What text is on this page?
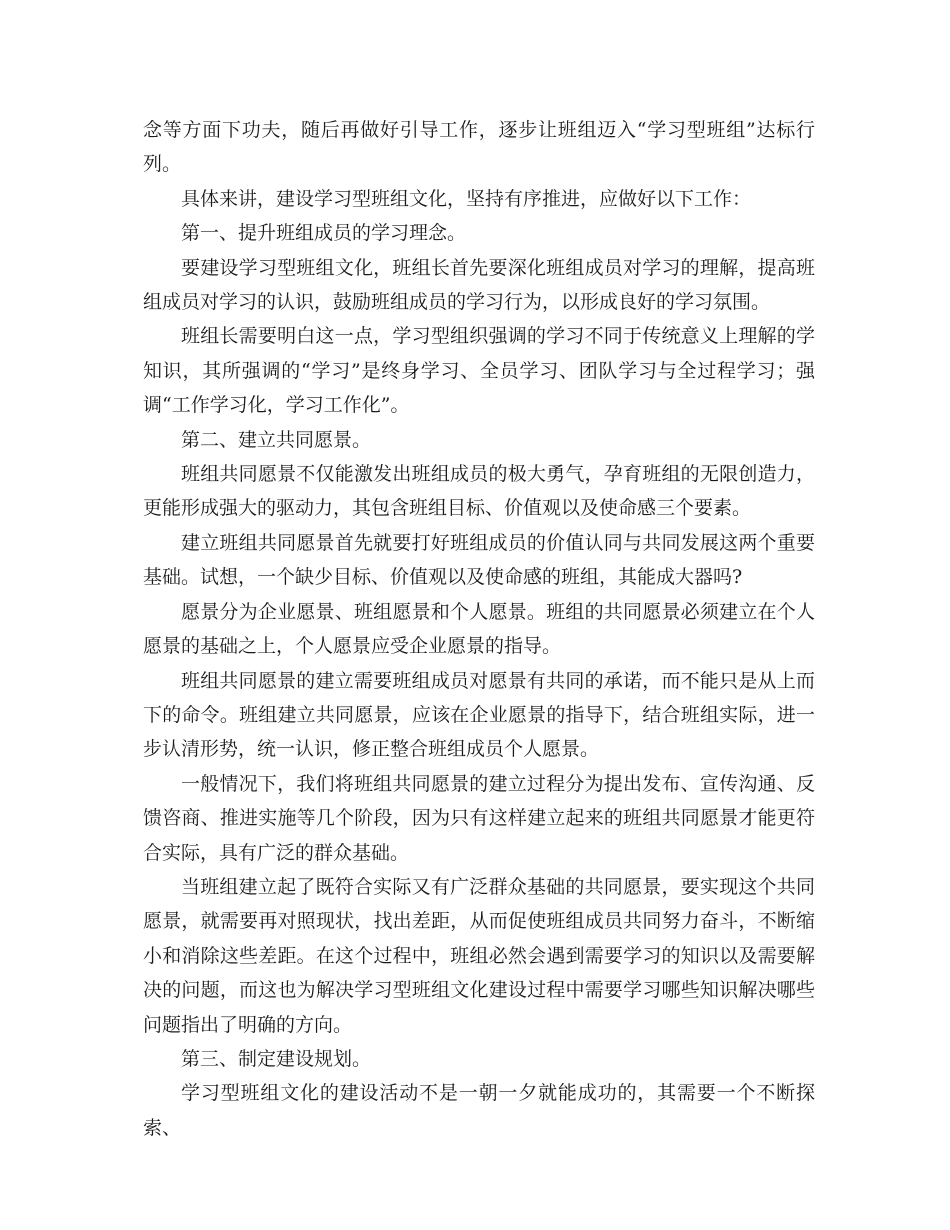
念等方面下功夫，随后再做好引导工作，逐步让班组迈入“学习型班组”达标行列。

具体来讲，建设学习型班组文化，坚持有序推进，应做好以下工作：

第一、提升班组成员的学习理念。

要建设学习型班组文化，班组长首先要深化班组成员对学习的理解，提高班组成员对学习的认识，鼓励班组成员的学习行为，以形成良好的学习氛围。

班组长需要明白这一点，学习型组织强调的学习不同于传统意义上理解的学知识，其所强调的“学习”是终身学习、全员学习、团队学习与全过程学习；强调“工作学习化，学习工作化”。

第二、建立共同愿景。

班组共同愿景不仅能激发出班组成员的极大勇气，孕育班组的无限创造力，更能形成强大的驱动力，其包含班组目标、价值观以及使命感三个要素。

建立班组共同愿景首先就要打好班组成员的价值认同与共同发展这两个重要基础。试想，一个缺少目标、价值观以及使命感的班组，其能成大器吗?

愿景分为企业愿景、班组愿景和个人愿景。班组的共同愿景必须建立在个人愿景的基础之上，个人愿景应受企业愿景的指导。

班组共同愿景的建立需要班组成员对愿景有共同的承诺，而不能只是从上而下的命令。班组建立共同愿景，应该在企业愿景的指导下，结合班组实际，进一步认清形势，统一认识，修正整合班组成员个人愿景。

一般情况下，我们将班组共同愿景的建立过程分为提出发布、宣传沟通、反馈咨商、推进实施等几个阶段，因为只有这样建立起来的班组共同愿景才能更符合实际，具有广泛的群众基础。

当班组建立起了既符合实际又有广泛群众基础的共同愿景，要实现这个共同愿景，就需要再对照现状，找出差距，从而促使班组成员共同努力奋斗，不断缩小和消除这些差距。在这个过程中，班组必然会遇到需要学习的知识以及需要解决的问题，而这也为解决学习型班组文化建设过程中需要学习哪些知识解决哪些问题指出了明确的方向。

第三、制定建设规划。

学习型班组文化的建设活动不是一朝一夕就能成功的，其需要一个不断探索、
